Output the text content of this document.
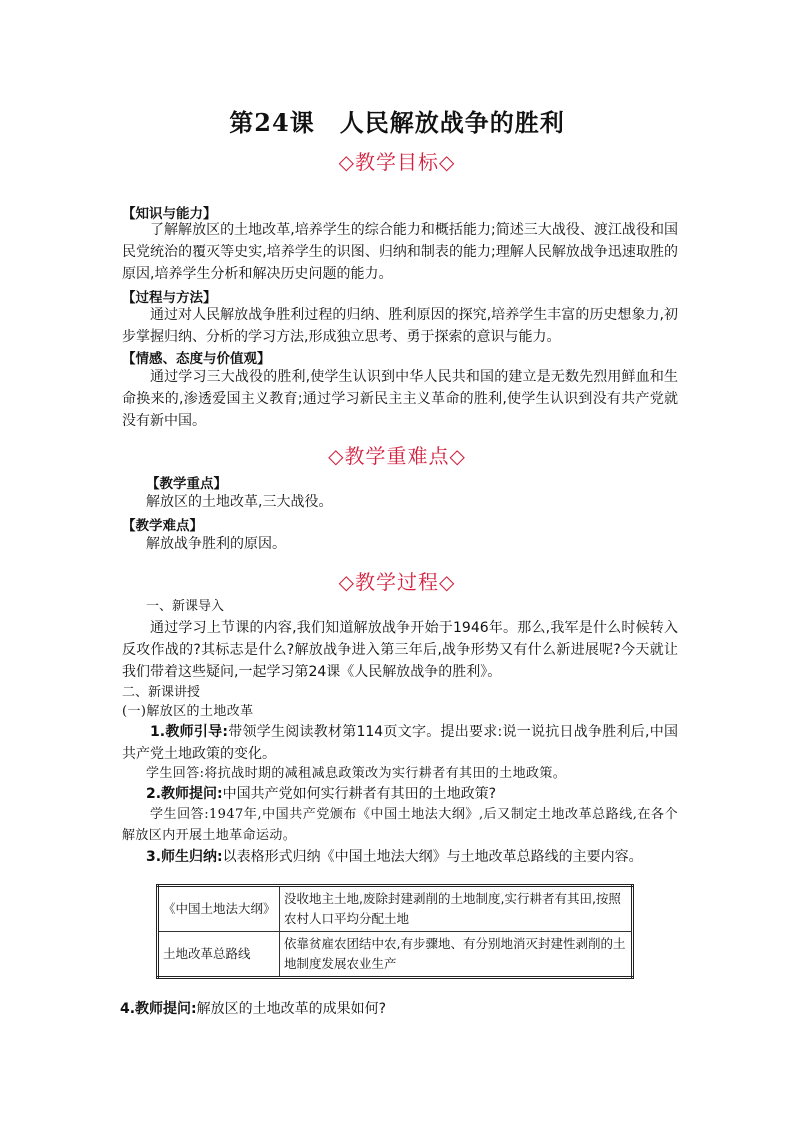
第24课　人民解放战争的胜利
◇教学目标◇
【知识与能力】
了解解放区的土地改革,培养学生的综合能力和概括能力;简述三大战役、渡江战役和国民党统治的覆灭等史实,培养学生的识图、归纳和制表的能力;理解人民解放战争迅速取胜的原因,培养学生分析和解决历史问题的能力。
【过程与方法】
通过对人民解放战争胜利过程的归纳、胜利原因的探究,培养学生丰富的历史想象力,初步掌握归纳、分析的学习方法,形成独立思考、勇于探索的意识与能力。
【情感、态度与价值观】
通过学习三大战役的胜利,使学生认识到中华人民共和国的建立是无数先烈用鲜血和生命换来的,渗透爱国主义教育;通过学习新民主主义革命的胜利,使学生认识到没有共产党就没有新中国。
◇教学重难点◇
【教学重点】
解放区的土地改革,三大战役。
【教学难点】
解放战争胜利的原因。
◇教学过程◇
一、新课导入
通过学习上节课的内容,我们知道解放战争开始于1946年。那么,我军是什么时候转入反攻作战的?其标志是什么?解放战争进入第三年后,战争形势又有什么新进展呢?今天就让我们带着这些疑问,一起学习第24课《人民解放战争的胜利》。
二、新课讲授
(一)解放区的土地改革
1.教师引导:带领学生阅读教材第114页文字。提出要求:说一说抗日战争胜利后,中国共产党土地政策的变化。
学生回答:将抗战时期的减租减息政策改为实行耕者有其田的土地政策。
2.教师提问:中国共产党如何实行耕者有其田的土地政策?
学生回答:1947年,中国共产党颁布《中国土地法大纲》,后又制定土地改革总路线,在各个解放区内开展土地革命运动。
3.师生归纳:以表格形式归纳《中国土地法大纲》与土地改革总路线的主要内容。
《中国土地法大纲》	没收地主土地,废除封建剥削的土地制度,实行耕者有其田,按照农村人口平均分配土地
土地改革总路线	依靠贫雇农团结中农,有步骤地、有分别地消灭封建性剥削的土地制度发展农业生产
4.教师提问:解放区的土地改革的成果如何?
